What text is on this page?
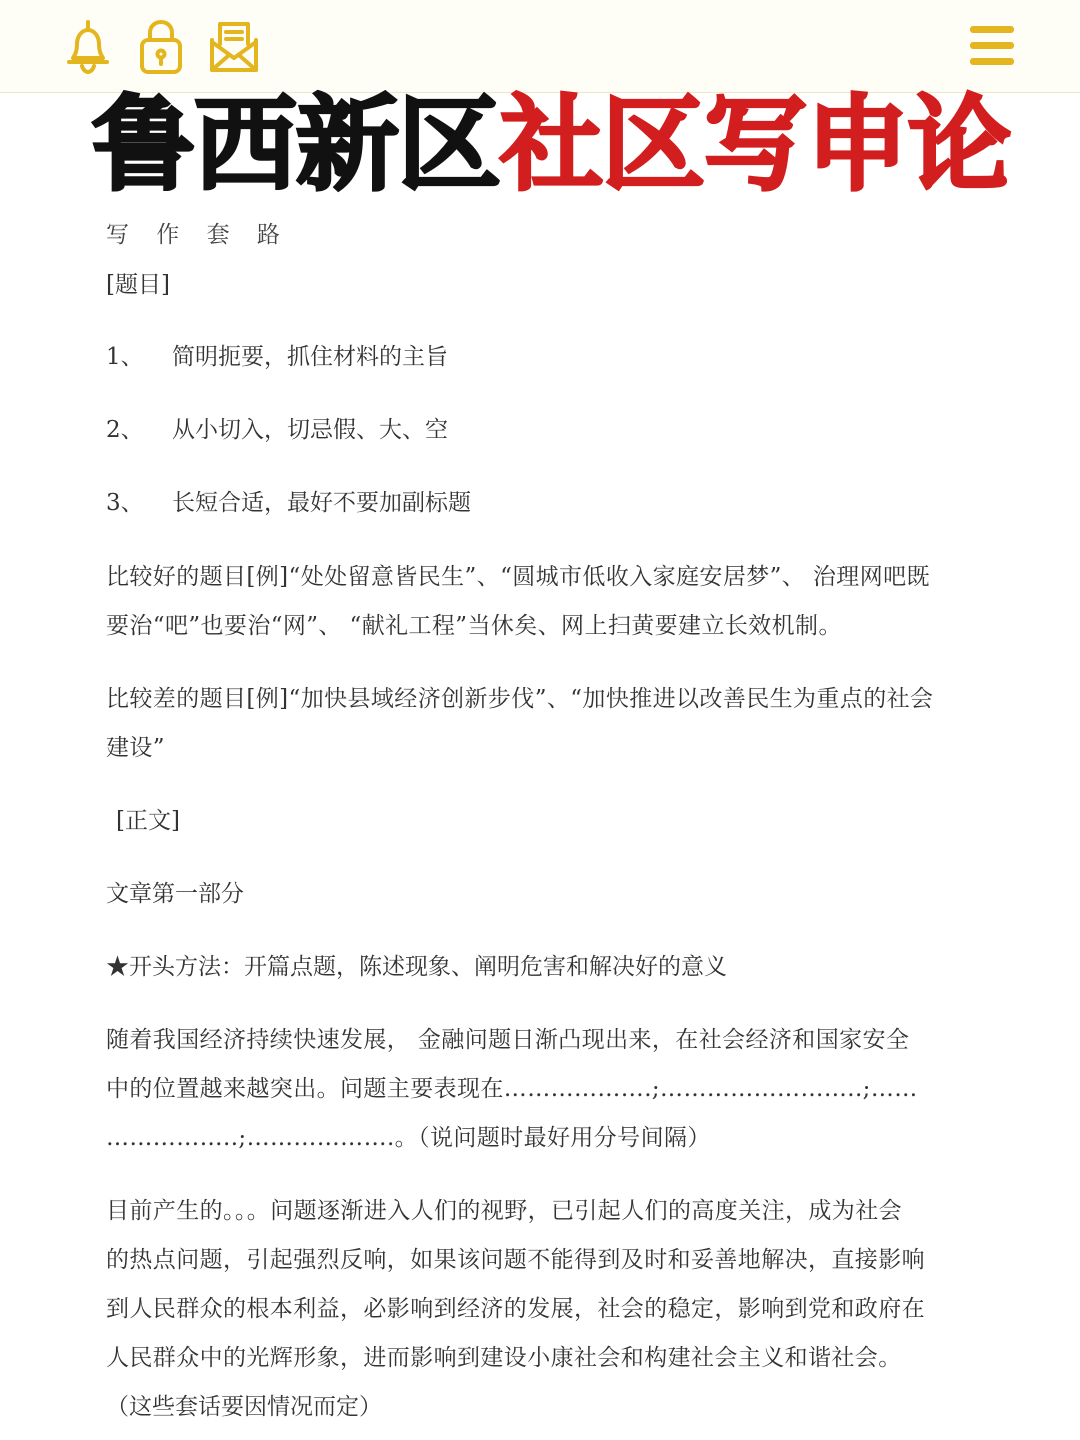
鲁西新区社区写申论
写 作 套 路
[题目]
1、 简明扼要，抓住材料的主旨
2、 从小切入，切忌假、大、空
3、 长短合适，最好不要加副标题
比较好的题目[例]“处处留意皆民生”、“圆城市低收入家庭安居梦”、 治理网吧既
要治“吧”也要治“网”、 “献礼工程”当休矣、网上扫黄要建立长效机制。
比较差的题目[例]“加快县域经济创新步伐”、“加快推进以改善民生为重点的社会
建设”
[正文]
文章第一部分
★开头方法：开篇点题，陈述现象、阐明危害和解决好的意义
随着我国经济持续快速发展， 金融问题日渐凸现出来，在社会经济和国家安全
中的位置越来越突出。问题主要表现在……………….;……………………..;……
……………..;……………….。（说问题时最好用分号间隔）
目前产生的。。。问题逐渐进入人们的视野，已引起人们的高度关注，成为社会
的热点问题，引起强烈反响，如果该问题不能得到及时和妥善地解决，直接影响
到人民群众的根本利益，必影响到经济的发展，社会的稳定，影响到党和政府在
人民群众中的光辉形象，进而影响到建设小康社会和构建社会主义和谐社会。
（这些套话要因情况而定）
